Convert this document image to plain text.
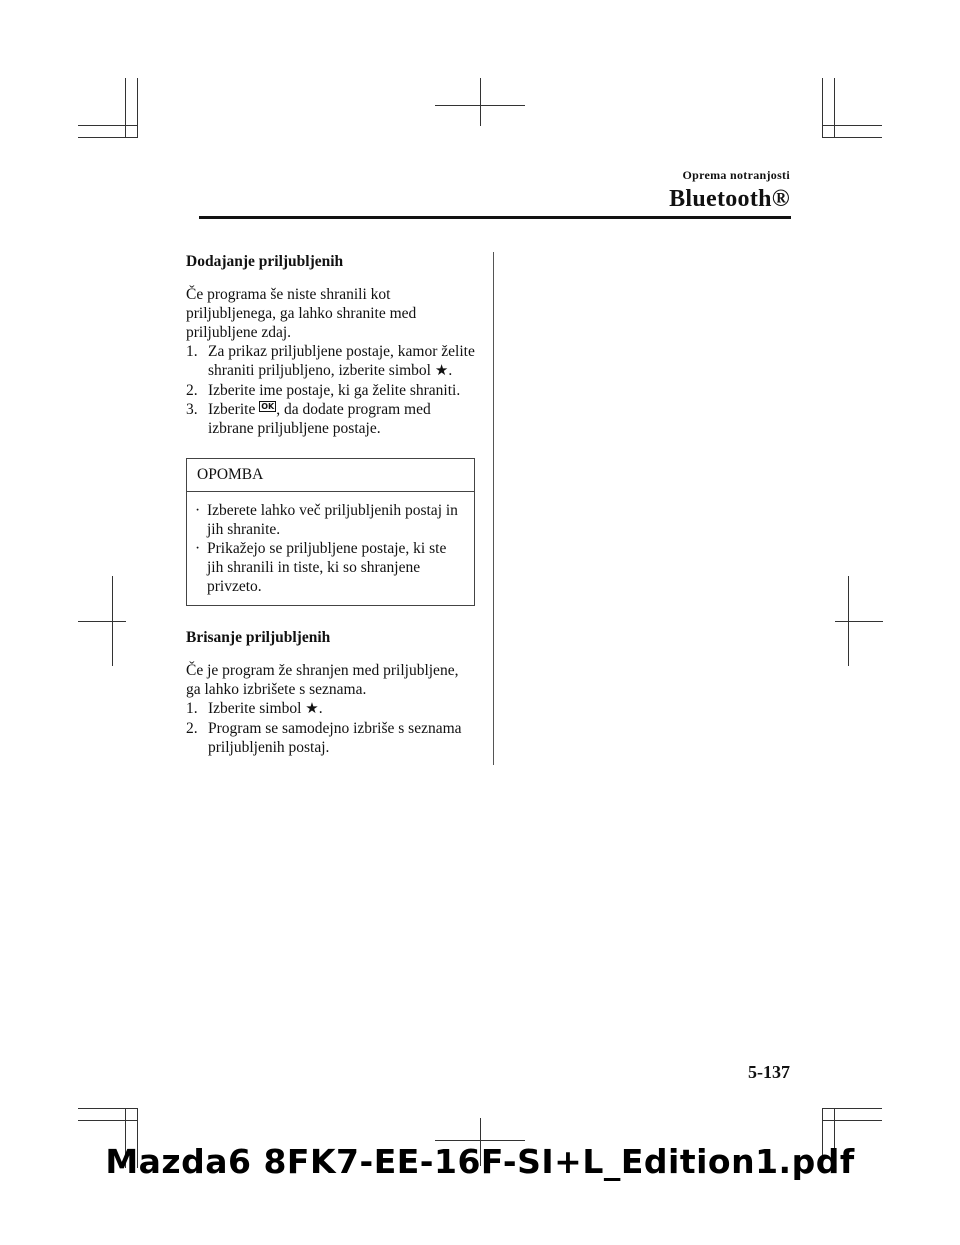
Oprema notranjosti
Bluetooth®

Dodajanje priljubljenih

Če programa še niste shranili kot priljubljenega, ga lahko shranite med priljubljene zdaj.

1. Za prikaz priljubljene postaje, kamor želite shraniti priljubljeno, izberite simbol ★.
2. Izberite ime postaje, ki ga želite shraniti.
3. Izberite OK , da dodate program med izbrane priljubljene postaje.
OPOMBA
· Izberete lahko več priljubljenih postaj in jih shranite.
· Prikažejo se priljubljene postaje, ki ste jih shranili in tiste, ki so shranjene privzeto.

Brisanje priljubljenih

Če je program že shranjen med priljubljene, ga lahko izbrišete s seznama.

1. Izberite simbol ★.
2. Program se samodejno izbriše s seznama priljubljenih postaj.
5-137
Mazda6 8FK7-EE-16F-SI+L_Edition1.pdf
